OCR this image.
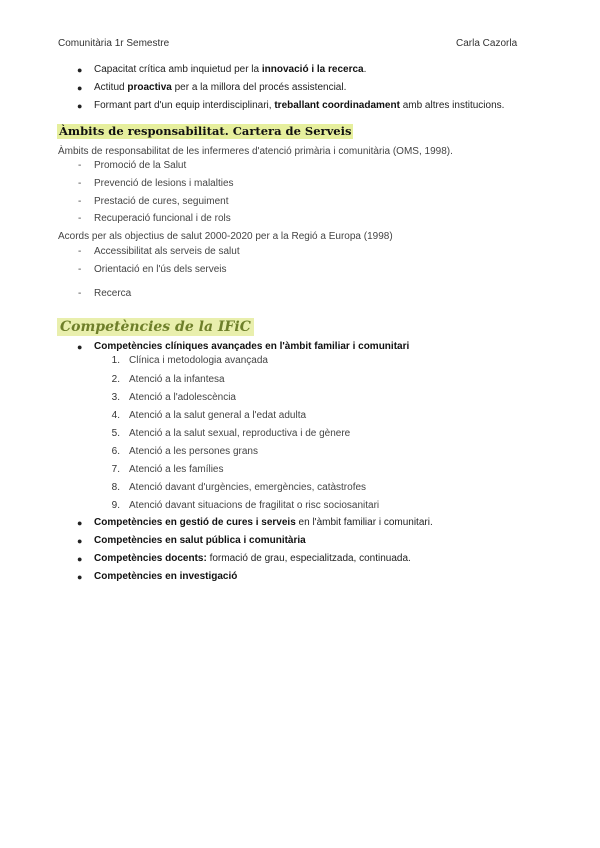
Comunitària 1r Semestre	Carla Cazorla
● Capacitat crítica amb inquietud per la innovació i la recerca.
● Actitud proactiva per a la millora del procés assistencial.
● Formant part d'un equip interdisciplinari, treballant coordinadament amb altres institucions.
Àmbits de responsabilitat. Cartera de Serveis
Àmbits de responsabilitat de les infermeres d'atenció primària i comunitària (OMS, 1998).
- Promoció de la Salut
- Prevenció de lesions i malalties
- Prestació de cures, seguiment
- Recuperació funcional i de rols
Acords per als objectius de salut 2000-2020 per a la Regió a Europa (1998)
- Accessibilitat als serveis de salut
- Orientació en l'ús dels serveis
- Recerca
Competències de la IFiC
● Competències clíniques avançades en l'àmbit familiar i comunitari
1. Clínica i metodologia avançada
2. Atenció a la infantesa
3. Atenció a l'adolescència
4. Atenció a la salut general a l'edat adulta
5. Atenció a la salut sexual, reproductiva i de gènere
6. Atenció a les persones grans
7. Atenció a les famílies
8. Atenció davant d'urgències, emergències, catàstrofes
9. Atenció davant situacions de fragilitat o risc sociosanitari
● Competències en gestió de cures i serveis en l'àmbit familiar i comunitari.
● Competències en salut pública i comunitària
● Competències docents: formació de grau, especialitzada, continuada.
● Competències en investigació
